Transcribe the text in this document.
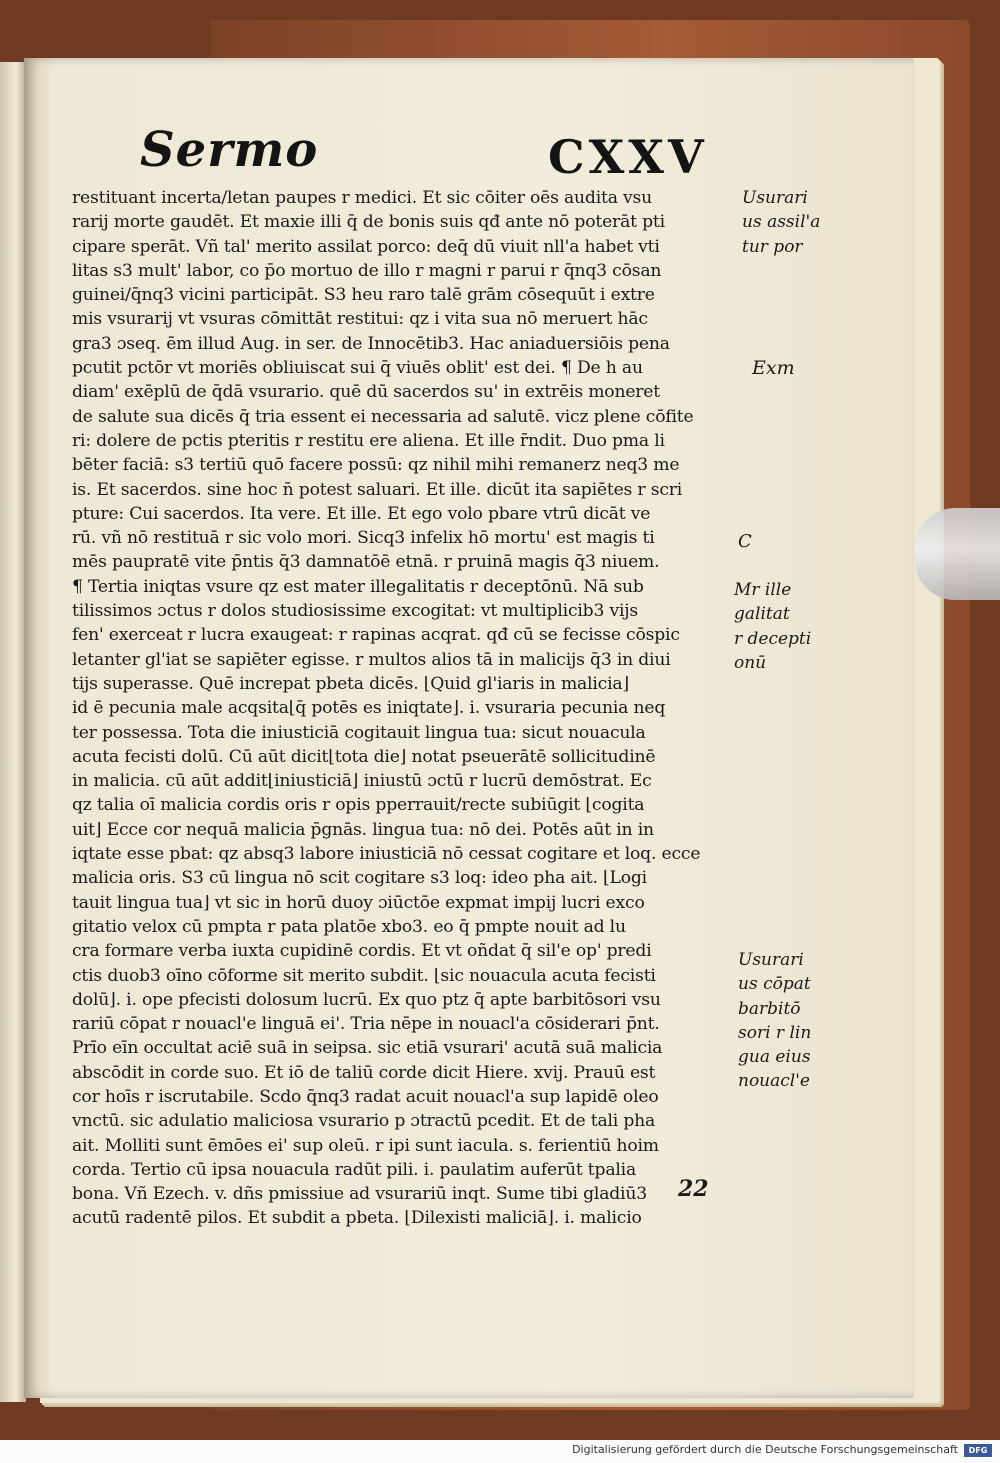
Sermo	CXXV
restituant incerta/letan paupes r medici. Et sic cōiter oēs audita vsu
rarij morte gaudēt. Et maxie illi q̄ de bonis suis qđ ante nō poterāt pti
cipare sperāt. Vñ tal' merito assilat porco: deq̄ dū viuit nll'a habet vti
litas s3 mult' labor, co p̄o mortuo de illo r magni r parui r q̄nq3 cōsan
guinei/q̄nq3 vicini participāt. S3 heu raro talē grām cōsequūt i extre
mis vsurarij vt vsuras cōmittāt restitui: qz i vita sua nō meruert hāc
gra3 ɔseq. ēm illud Aug. in ser. de Innocētib3. Hac aniaduersiōis pena
pcutit pctōr vt moriēs obliuiscat sui q̄ viuēs oblit' est dei. ¶ De h au
diam' exēplū de q̄dā vsurario. quē dū sacerdos su' in extrēis moneret
de salute sua dicēs q̄ tria essent ei necessaria ad salutē. vicz plene cōfite
ri: dolere de pctis pteritis r restitu ere aliena. Et ille r̄ndit. Duo pma li
bēter faciā: s3 tertiū quō facere possū: qz nihil mihi remanerz neq3 me
is. Et sacerdos. sine hoc n̄ potest saluari. Et ille. dicūt ita sapiētes r scri
pture: Cui sacerdos. Ita vere. Et ille. Et ego volo pbare vtrū dicāt ve
rū. vñ nō restituā r sic volo mori. Sicq3 infelix hō mortu' est magis ti
mēs paupratē vite p̄ntis q̄3 damnatōē etnā. r pruinā magis q̄3 niuem.
¶ Tertia iniqtas vsure qz est mater illegalitatis r deceptōnū. Nā sub
tilissimos ɔctus r dolos studiosissime excogitat: vt multiplicib3 vijs
fen' exerceat r lucra exaugeat: r rapinas acqrat. qđ cū se fecisse cōspic
letanter gl'iat se sapiēter egisse. r multos alios tā in malicijs q̄3 in diui
tijs superasse. Quē increpat pbeta dicēs. ⌊Quid gl'iaris in malicia⌋
id ē pecunia male acqsita⌊q̄ potēs es iniqtate⌋. i. vsuraria pecunia neq
ter possessa. Tota die iniusticiā cogitauit lingua tua: sicut nouacula
acuta fecisti dolū. Cū aūt dicit⌊tota die⌋ notat pseuerātē sollicitudinē
in malicia. cū aūt addit⌊iniusticiā⌋ iniustū ɔctū r lucrū demōstrat. Ec
qz talia oī malicia cordis oris r opis pperrauit/recte subiūgit ⌊cogita
uit⌋ Ecce cor nequā malicia p̄gnās. lingua tua: nō dei. Potēs aūt in in
iqtate esse pbat: qz absq3 labore iniusticiā nō cessat cogitare et loq. ecce
malicia oris. S3 cū lingua nō scit cogitare s3 loq: ideo pha ait. ⌊Logi
tauit lingua tua⌋ vt sic in horū duoy ɔiūctōe expmat impij lucri exco
gitatio velox cū pmpta r pata platōe xbo3. eo q̄ pmpte nouit ad lu
cra formare verba iuxta cupidinē cordis. Et vt oñdat q̄ sil'e op' predi
ctis duob3 oīno cōforme sit merito subdit. ⌊sic nouacula acuta fecisti
dolū⌋. i. ope pfecisti dolosum lucrū. Ex quo ptz q̄ apte barbitōsori vsu
rariū cōpat r nouacl'e linguā ei'. Tria nēpe in nouacl'a cōsiderari p̄nt.
Prīo eīn occultat aciē suā in seipsa. sic etiā vsurari' acutā suā malicia
abscōdit in corde suo. Et iō de taliū corde dicit Hiere. xvij. Prauū est
cor hoīs r iscrutabile. Scdo q̄nq3 radat acuit nouacl'a sup lapidē oleo
vnctū. sic adulatio maliciosa vsurario p ɔtractū pcedit. Et de tali pha
ait. Molliti sunt ēmōes ei' sup oleū. r ipi sunt iacula. s. ferientiū hoim
corda. Tertio cū ipsa nouacula radūt pili. i. paulatim auferūt tpalia
bona. Vñ Ezech. v. dñs pmissiue ad vsurariū inqt. Sume tibi gladiū3
acutū radentē pilos. Et subdit a pbeta. ⌊Dilexisti maliciā⌋. i. malicio
Usurari
us assil'a
tur por
Exm
C
Mr ille
galitat
r decepti
onū
Usurari
us cōpat
barbitō
sori r lin
gua eius
nouacl'e
22
Digitalisierung gefördert durch die Deutsche Forschungsgemeinschaft	DFG
